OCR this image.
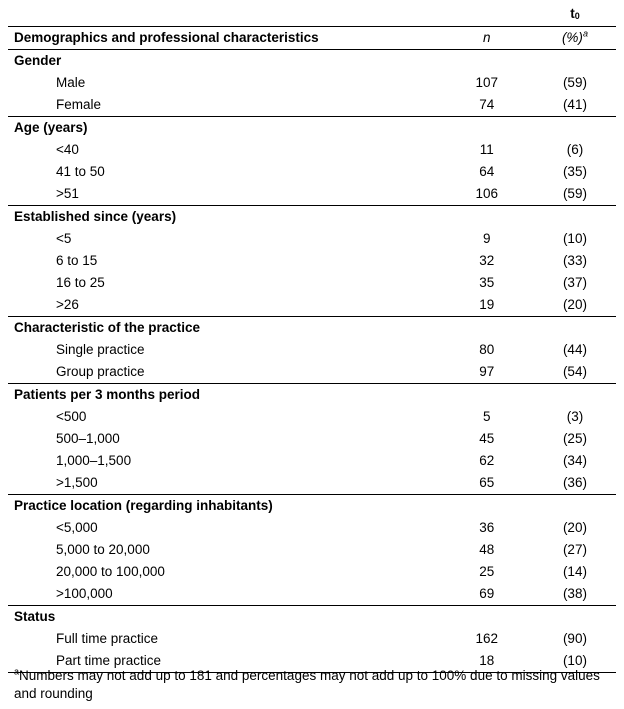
		$t_0$
Demographics and professional characteristics	n	(%)$^a$
Gender		
Male	107	(59)
Female	74	(41)
Age (years)		
<40	11	(6)
41 to 50	64	(35)
>51	106	(59)
Established since (years)		
<5	9	(10)
6 to 15	32	(33)
16 to 25	35	(37)
>26	19	(20)
Characteristic of the practice		
Single practice	80	(44)
Group practice	97	(54)
Patients per 3 months period		
<500	5	(3)
500–1,000	45	(25)
1,000–1,500	62	(34)
>1,500	65	(36)
Practice location (regarding inhabitants)		
<5,000	36	(20)
5,000 to 20,000	48	(27)
20,000 to 100,000	25	(14)
>100,000	69	(38)
Status		
Full time practice	162	(90)
Part time practice	18	(10)
$^a$Numbers may not add up to 181 and percentages may not add up to 100% due to missing values and rounding
